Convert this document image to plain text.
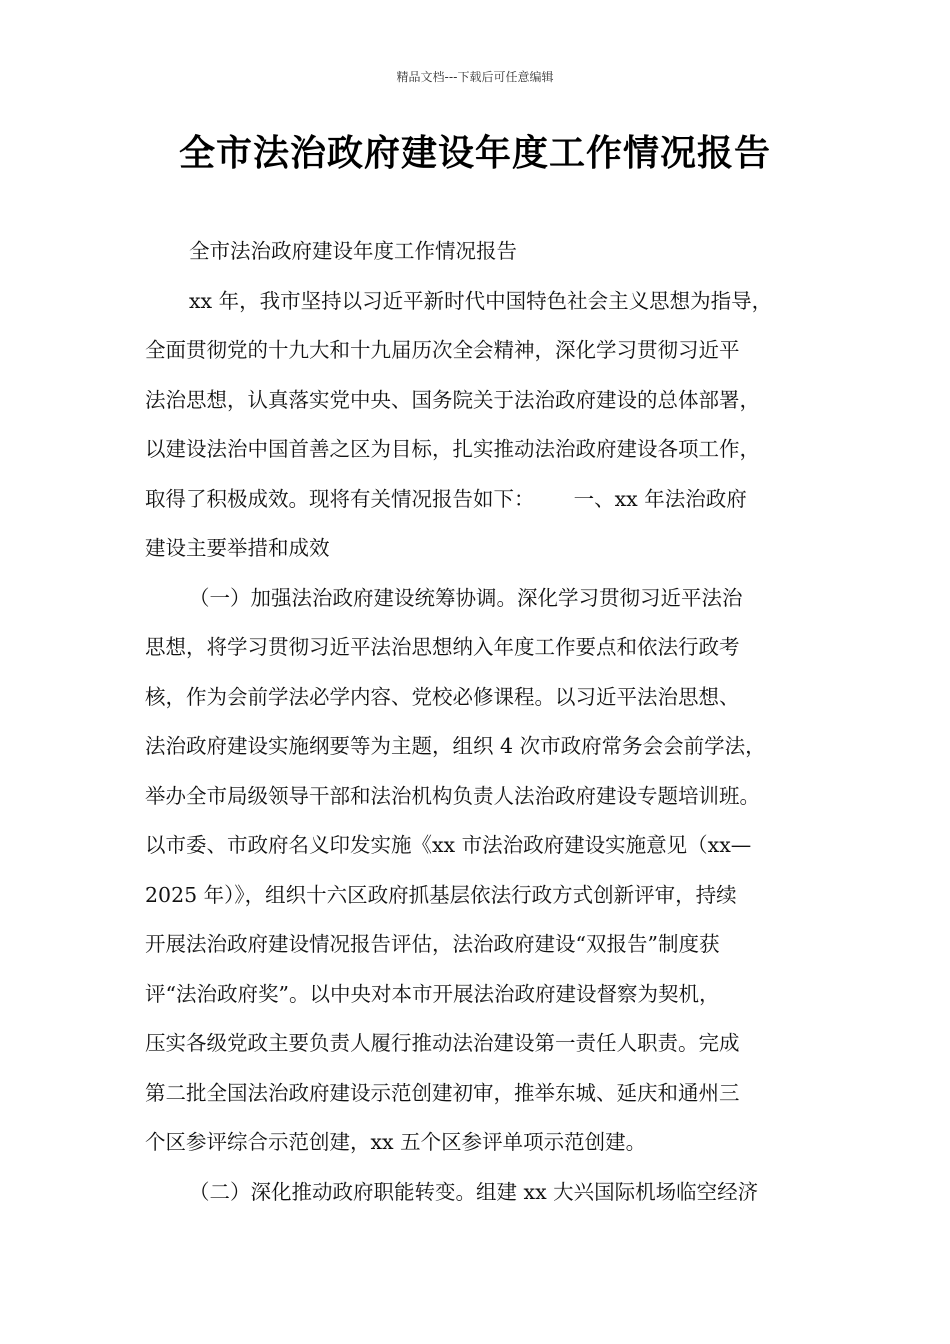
精品文档---下载后可任意编辑
全市法治政府建设年度工作情况报告
全市法治政府建设年度工作情况报告
xx 年，我市坚持以习近平新时代中国特色社会主义思想为指导，
全面贯彻党的十九大和十九届历次全会精神，深化学习贯彻习近平
法治思想，认真落实党中央、国务院关于法治政府建设的总体部署，
以建设法治中国首善之区为目标，扎实推动法治政府建设各项工作，
取得了积极成效。现将有关情况报告如下：      一、xx 年法治政府
建设主要举措和成效
（一）加强法治政府建设统筹协调。深化学习贯彻习近平法治
思想，将学习贯彻习近平法治思想纳入年度工作要点和依法行政考
核，作为会前学法必学内容、党校必修课程。以习近平法治思想、
法治政府建设实施纲要等为主题，组织 4 次市政府常务会会前学法，
举办全市局级领导干部和法治机构负责人法治政府建设专题培训班。
以市委、市政府名义印发实施《xx 市法治政府建设实施意见（xx—
2025 年）》，组织十六区政府抓基层依法行政方式创新评审，持续
开展法治政府建设情况报告评估，法治政府建设“双报告”制度获
评“法治政府奖”。以中央对本市开展法治政府建设督察为契机，
压实各级党政主要负责人履行推动法治建设第一责任人职责。完成
第二批全国法治政府建设示范创建初审，推举东城、延庆和通州三
个区参评综合示范创建，xx 五个区参评单项示范创建。
（二）深化推动政府职能转变。组建 xx 大兴国际机场临空经济
